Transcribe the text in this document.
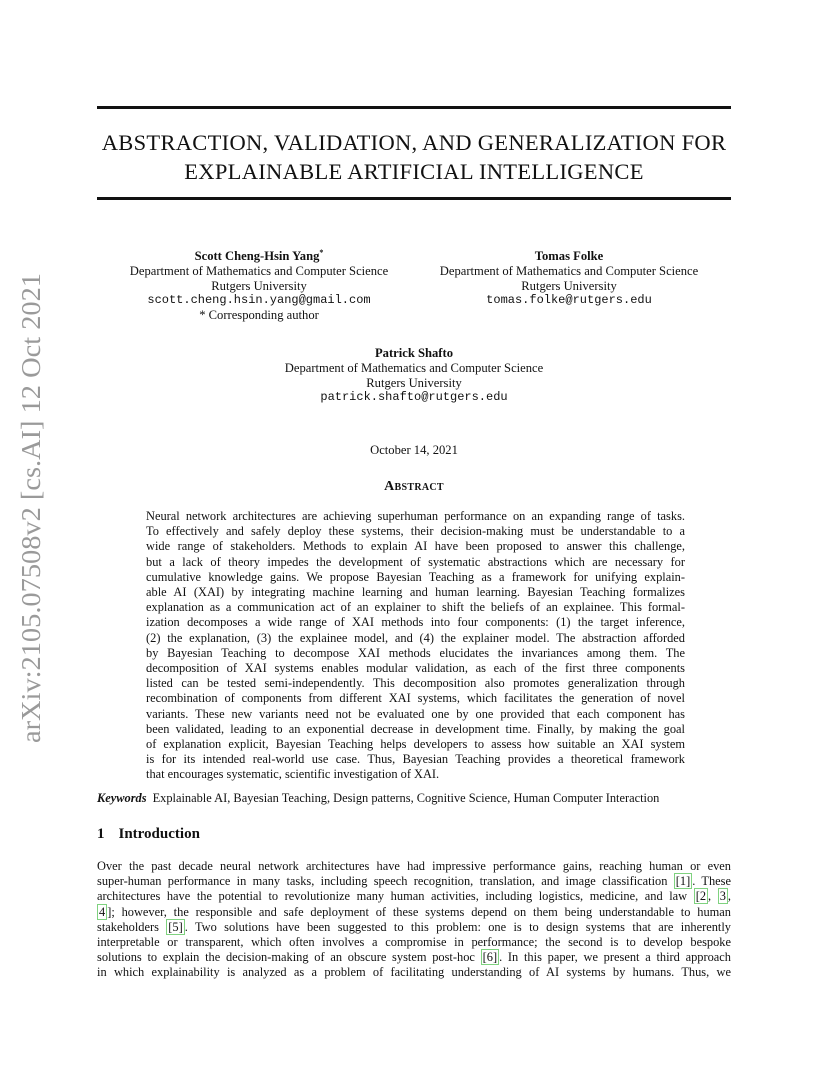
ABSTRACTION, VALIDATION, AND GENERALIZATION FOR
EXPLAINABLE ARTIFICIAL INTELLIGENCE
arXiv:2105.07508v2 [cs.AI] 12 Oct 2021
Scott Cheng-Hsin Yang*
Department of Mathematics and Computer Science
Rutgers University
scott.cheng.hsin.yang@gmail.com
* Corresponding author
Tomas Folke
Department of Mathematics and Computer Science
Rutgers University
tomas.folke@rutgers.edu
Patrick Shafto
Department of Mathematics and Computer Science
Rutgers University
patrick.shafto@rutgers.edu
October 14, 2021
Abstract
Neural network architectures are achieving superhuman performance on an expanding range of tasks.
To effectively and safely deploy these systems, their decision-making must be understandable to a
wide range of stakeholders. Methods to explain AI have been proposed to answer this challenge,
but a lack of theory impedes the development of systematic abstractions which are necessary for
cumulative knowledge gains. We propose Bayesian Teaching as a framework for unifying explain-
able AI (XAI) by integrating machine learning and human learning. Bayesian Teaching formalizes
explanation as a communication act of an explainer to shift the beliefs of an explainee. This formal-
ization decomposes a wide range of XAI methods into four components: (1) the target inference,
(2) the explanation, (3) the explainee model, and (4) the explainer model. The abstraction afforded
by Bayesian Teaching to decompose XAI methods elucidates the invariances among them. The
decomposition of XAI systems enables modular validation, as each of the first three components
listed can be tested semi-independently. This decomposition also promotes generalization through
recombination of components from different XAI systems, which facilitates the generation of novel
variants. These new variants need not be evaluated one by one provided that each component has
been validated, leading to an exponential decrease in development time. Finally, by making the goal
of explanation explicit, Bayesian Teaching helps developers to assess how suitable an XAI system
is for its intended real-world use case. Thus, Bayesian Teaching provides a theoretical framework
that encourages systematic, scientific investigation of XAI.
Keywords Explainable AI, Bayesian Teaching, Design patterns, Cognitive Science, Human Computer Interaction
1 Introduction
Over the past decade neural network architectures have had impressive performance gains, reaching human or even
super-human performance in many tasks, including speech recognition, translation, and image classification [1] . These
architectures have the potential to revolutionize many human activities, including logistics, medicine, and law [2 , 3 ,
4 ]; however, the responsible and safe deployment of these systems depend on them being understandable to human
stakeholders [5] . Two solutions have been suggested to this problem: one is to design systems that are inherently
interpretable or transparent, which often involves a compromise in performance; the second is to develop bespoke
solutions to explain the decision-making of an obscure system post-hoc [6] . In this paper, we present a third approach
in which explainability is analyzed as a problem of facilitating understanding of AI systems by humans. Thus, we
